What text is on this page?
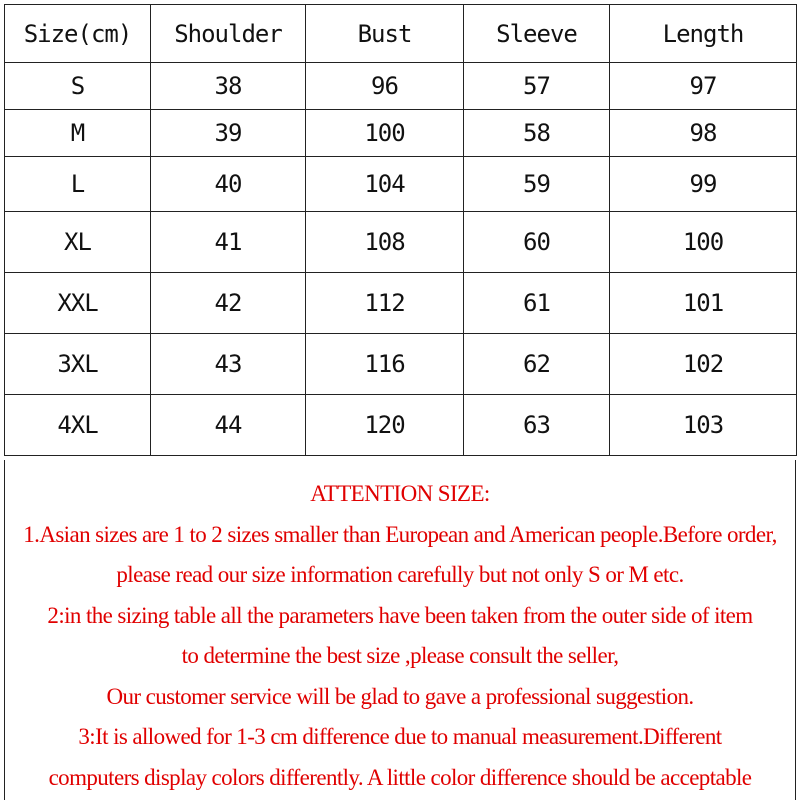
Size(cm)	Shoulder	Bust	Sleeve	Length
S	38	96	57	97
M	39	100	58	98
L	40	104	59	99
XL	41	108	60	100
XXL	42	112	61	101
3XL	43	116	62	102
4XL	44	120	63	103

ATTENTION SIZE:

1.Asian sizes are 1 to 2 sizes smaller than European and American people.Before order,

please read our size information carefully but not only S or M etc.

2:in the sizing table all the parameters have been taken from the outer side of item

to determine the best size ,please consult the seller,

Our customer service will be glad to gave a professional suggestion.

3:It is allowed for 1-3 cm difference due to manual measurement.Different

computers display colors differently. A little color difference should be acceptable
